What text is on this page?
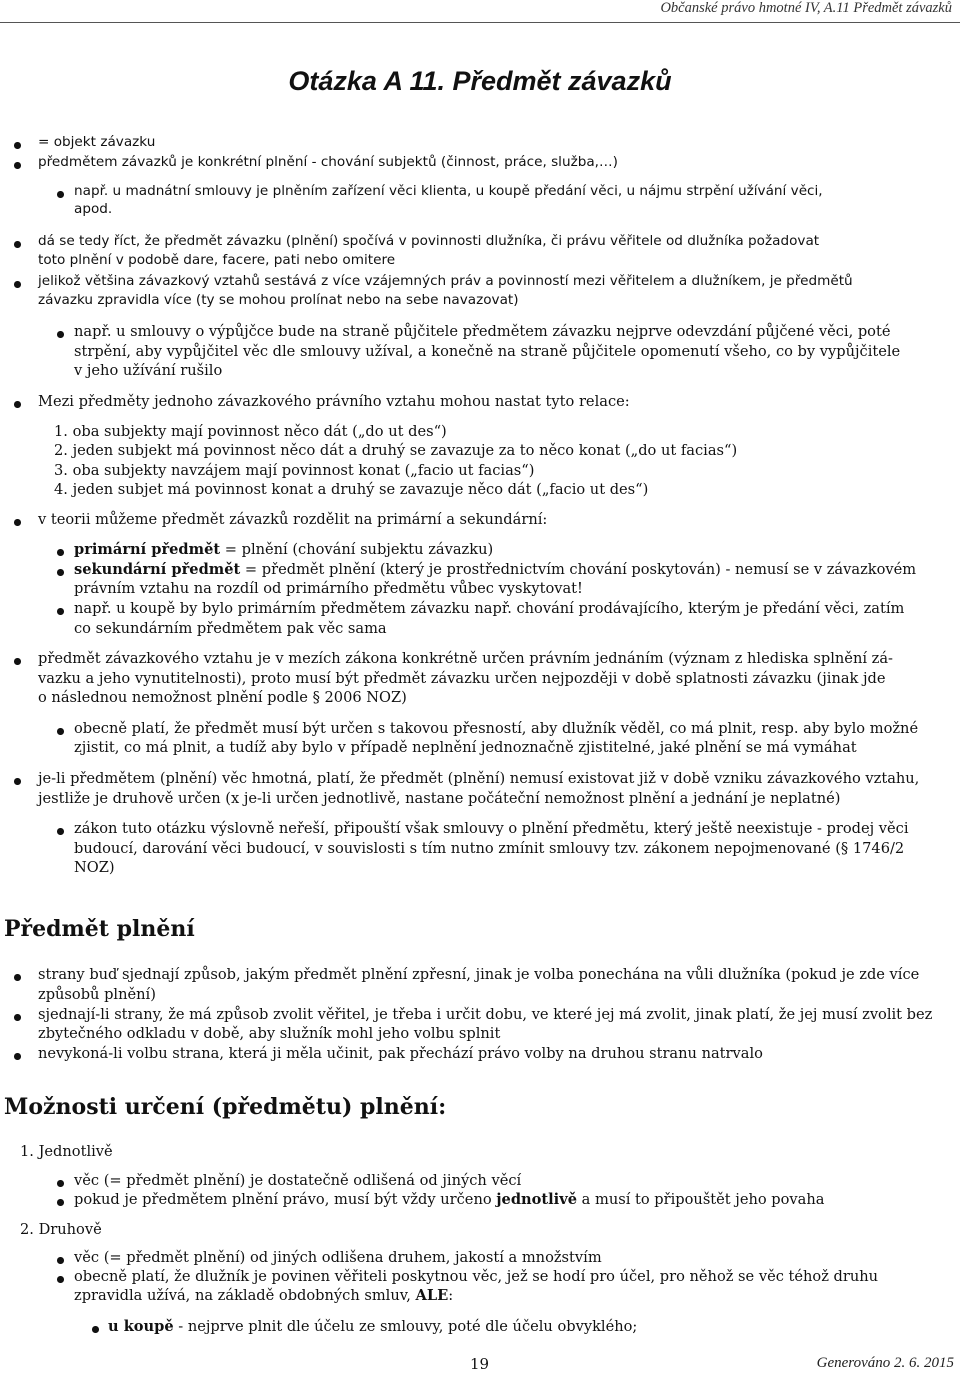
Občanské právo hmotné IV, A.11 Předmět závazků
Otázka A 11. Předmět závazků
= objekt závazku
předmětem závazků je konkrétní plnění - chování subjektů (činnost, práce, služba,…)
např. u madnátní smlouvy je plněním zařízení věci klienta, u koupě předání věci, u nájmu strpění užívání věci,
apod.
dá se tedy říct, že předmět závazku (plnění) spočívá v povinnosti dlužníka, či právu věřitele od dlužníka požadovat
toto plnění v podobě dare, facere, pati nebo omitere
jelikož většina závazkový vztahů sestává z více vzájemných práv a povinností mezi věřitelem a dlužníkem, je předmětů
závazku zpravidla více (ty se mohou prolínat nebo na sebe navazovat)
např. u smlouvy o výpůjčce bude na straně půjčitele předmětem závazku nejprve odevzdání půjčené věci, poté
strpění, aby vypůjčitel věc dle smlouvy užíval, a konečně na straně půjčitele opomenutí všeho, co by vypůjčitele
v jeho užívání rušilo
Mezi předměty jednoho závazkového právního vztahu mohou nastat tyto relace:
1. oba subjekty mají povinnost něco dát („do ut des“)
2. jeden subjekt má povinnost něco dát a druhý se zavazuje za to něco konat („do ut facias“)
3. oba subjekty navzájem mají povinnost konat („facio ut facias“)
4. jeden subjet má povinnost konat a druhý se zavazuje něco dát („facio ut des“)
v teorii můžeme předmět závazků rozdělit na primární a sekundární:
primární předmět = plnění (chování subjektu závazku)
sekundární předmět = předmět plnění (který je prostřednictvím chování poskytován) - nemusí se v závazkovém
právním vztahu na rozdíl od primárního předmětu vůbec vyskytovat!
např. u koupě by bylo primárním předmětem závazku např. chování prodávajícího, kterým je předání věci, zatím
co sekundárním předmětem pak věc sama
předmět závazkového vztahu je v mezích zákona konkrétně určen právním jednáním (význam z hlediska splnění zá-
vazku a jeho vynutitelnosti), proto musí být předmět závazku určen nejpozději v době splatnosti závazku (jinak jde
o následnou nemožnost plnění podle § 2006 NOZ)
obecně platí, že předmět musí být určen s takovou přesností, aby dlužník věděl, co má plnit, resp. aby bylo možné
zjistit, co má plnit, a tudíž aby bylo v případě neplnění jednoznačně zjistitelné, jaké plnění se má vymáhat
je-li předmětem (plnění) věc hmotná, platí, že předmět (plnění) nemusí existovat již v době vzniku závazkového vztahu,
jestliže je druhově určen (x je-li určen jednotlivě, nastane počáteční nemožnost plnění a jednání je neplatné)
zákon tuto otázku výslovně neřeší, připouští však smlouvy o plnění předmětu, který ještě neexistuje - prodej věci
budoucí, darování věci budoucí, v souvislosti s tím nutno zmínit smlouvy tzv. zákonem nepojmenované (§ 1746/2
NOZ)
Předmět plnění
strany buď sjednají způsob, jakým předmět plnění zpřesní, jinak je volba ponechána na vůli dlužníka (pokud je zde více
způsobů plnění)
sjednají-li strany, že má způsob zvolit věřitel, je třeba i určit dobu, ve které jej má zvolit, jinak platí, že jej musí zvolit bez
zbytečného odkladu v době, aby služník mohl jeho volbu splnit
nevykoná-li volbu strana, která ji měla učinit, pak přechází právo volby na druhou stranu natrvalo
Možnosti určení (předmětu) plnění:
1. Jednotlivě
věc (= předmět plnění) je dostatečně odlišená od jiných věcí
pokud je předmětem plnění právo, musí být vždy určeno jednotlivě a musí to připouštět jeho povaha
2. Druhově
věc (= předmět plnění) od jiných odlišena druhem, jakostí a množstvím
obecně platí, že dlužník je povinen věřiteli poskytnou věc, jež se hodí pro účel, pro něhož se věc téhož druhu
zpravidla užívá, na základě obdobných smluv, ALE:
u koupě - nejprve plnit dle účelu ze smlouvy, poté dle účelu obvyklého;
19	Generováno 2. 6. 2015
